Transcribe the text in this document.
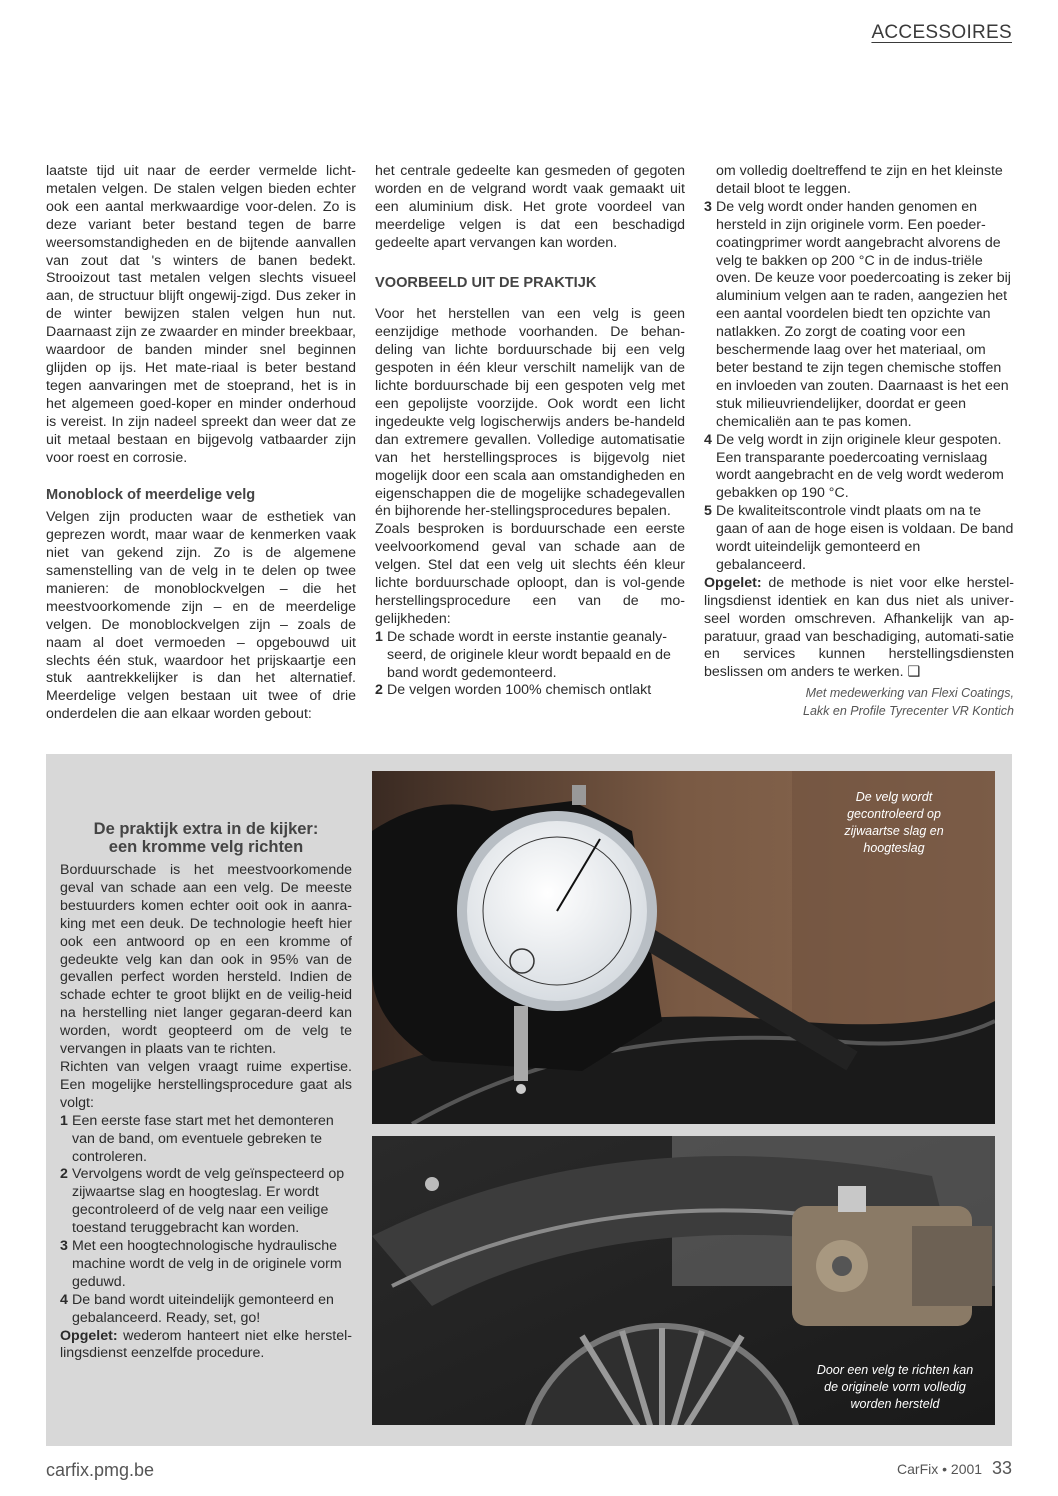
ACCESSOIRES

laatste tijd uit naar de eerder vermelde licht-metalen velgen. De stalen velgen bieden echter ook een aantal merkwaardige voor-delen. Zo is deze variant beter bestand tegen de barre weersomstandigheden en de bijtende aanvallen van zout dat 's winters de banen bedekt. Strooizout tast metalen velgen slechts visueel aan, de structuur blijft ongewij-zigd. Dus zeker in de winter bewijzen stalen velgen hun nut. Daarnaast zijn ze zwaarder en minder breekbaar, waardoor de banden minder snel beginnen glijden op ijs. Het mate-riaal is beter bestand tegen aanvaringen met de stoeprand, het is in het algemeen goed-koper en minder onderhoud is vereist. In zijn nadeel spreekt dan weer dat ze uit metaal bestaan en bijgevolg vatbaarder zijn voor roest en corrosie.

Monoblock of meerdelige velg

Velgen zijn producten waar de esthetiek van geprezen wordt, maar waar de kenmerken vaak niet van gekend zijn. Zo is de algemene samenstelling van de velg in te delen op twee manieren: de monoblockvelgen – die het meestvoorkomende zijn – en de meerdelige velgen. De monoblockvelgen zijn – zoals de naam al doet vermoeden – opgebouwd uit slechts één stuk, waardoor het prijskaartje een stuk aantrekkelijker is dan het alternatief. Meerdelige velgen bestaan uit twee of drie onderdelen die aan elkaar worden gebout:

het centrale gedeelte kan gesmeden of gegoten worden en de velgrand wordt vaak gemaakt uit een aluminium disk. Het grote voordeel van meerdelige velgen is dat een beschadigd gedeelte apart vervangen kan worden.

VOORBEELD UIT DE PRAKTIJK

Voor het herstellen van een velg is geen eenzijdige methode voorhanden. De behan-deling van lichte borduurschade bij een velg gespoten in één kleur verschilt namelijk van de lichte borduurschade bij een gespoten velg met een gepolijste voorzijde. Ook wordt een licht ingedeukte velg logischerwijs anders be-handeld dan extremere gevallen. Volledige automatisatie van het herstellingsproces is bijgevolg niet mogelijk door een scala aan omstandigheden en eigenschappen die de mogelijke schadegevallen én bijhorende her-stellingsprocedures bepalen.

Zoals besproken is borduurschade een eerste veelvoorkomend geval van schade aan de velgen. Stel dat een velg uit slechts één kleur lichte borduurschade oploopt, dan is vol-gende herstellingsprocedure een van de mo-gelijkheden:

1 De schade wordt in eerste instantie geanaly-seerd, de originele kleur wordt bepaald en de band wordt gedemonteerd.
2 De velgen worden 100% chemisch ontlakt

om volledig doeltreffend te zijn en het kleinste detail bloot te leggen.

3 De velg wordt onder handen genomen en hersteld in zijn originele vorm. Een poeder-coatingprimer wordt aangebracht alvorens de velg te bakken op 200 °C in de indus-triële oven. De keuze voor poedercoating is zeker bij aluminium velgen aan te raden, aangezien het een aantal voordelen biedt ten opzichte van natlakken. Zo zorgt de coating voor een beschermende laag over het materiaal, om beter bestand te zijn tegen chemische stoffen en invloeden van zouten. Daarnaast is het een stuk milieuvriendelijker, doordat er geen chemicaliën aan te pas komen.
4 De velg wordt in zijn originele kleur gespoten. Een transparante poedercoating vernislaag wordt aangebracht en de velg wordt wederom gebakken op 190 °C.
5 De kwaliteitscontrole vindt plaats om na te gaan of aan de hoge eisen is voldaan. De band wordt uiteindelijk gemonteerd en gebalanceerd.

Opgelet: de methode is niet voor elke herstel-lingsdienst identiek en kan dus niet als univer-seel worden omschreven. Afhankelijk van ap-paratuur, graad van beschadiging, automati-satie en services kunnen herstellingsdiensten beslissen om anders te werken. ❑

Met medewerking van Flexi Coatings,
Lakk en Profile Tyrecenter VR Kontich
De praktijk extra in de kijker:
een kromme velg richten

Borduurschade is het meestvoorkomende geval van schade aan een velg. De meeste bestuurders komen echter ooit ook in aanra-king met een deuk. De technologie heeft hier ook een antwoord op en een kromme of gedeukte velg kan dan ook in 95% van de gevallen perfect worden hersteld. Indien de schade echter te groot blijkt en de veilig-heid na herstelling niet langer gegaran-deerd kan worden, wordt geopteerd om de velg te vervangen in plaats van te richten.

Richten van velgen vraagt ruime expertise. Een mogelijke herstellingsprocedure gaat als volgt:

1 Een eerste fase start met het demonteren van de band, om eventuele gebreken te controleren.
2 Vervolgens wordt de velg geïnspecteerd op zijwaartse slag en hoogteslag. Er wordt gecontroleerd of de velg naar een veilige toestand teruggebracht kan worden.
3 Met een hoogtechnologische hydraulische machine wordt de velg in de originele vorm geduwd.
4 De band wordt uiteindelijk gemonteerd en gebalanceerd. Ready, set, go!

Opgelet: wederom hanteert niet elke herstel-lingsdienst eenzelfde procedure.

De velg wordt gecontroleerd op zijwaartse slag en hoogteslag
Door een velg te richten kan de originele vorm volledig worden hersteld
carfix.pmg.be	CarFix • 2001 33
